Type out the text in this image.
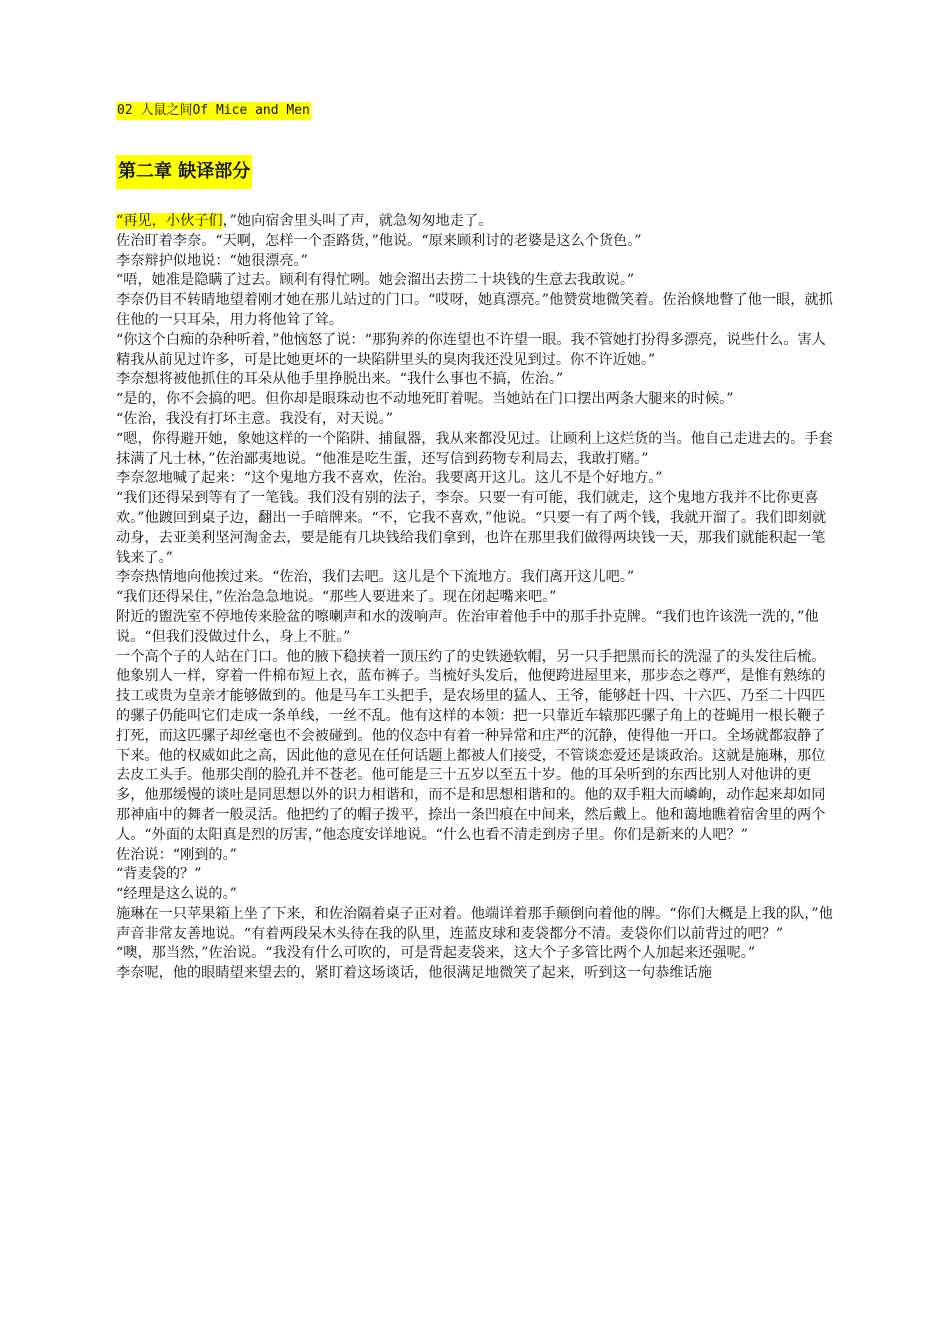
02 人鼠之间Of Mice and Men
第二章 缺译部分

“再见，小伙子们，”她向宿舍里头叫了声，就急匆匆地走了。

佐治盯着李奈。“天啊，怎样一个歪路货，”他说。“原来顾利讨的老婆是这么个货色。”

李奈辩护似地说：“她很漂亮。”

“唔，她准是隐瞒了过去。顾利有得忙咧。她会溜出去捞二十块钱的生意去我敢说。”

李奈仍目不转睛地望着刚才她在那儿站过的门口。“哎呀，她真漂亮。”他赞赏地微笑着。佐治倏地瞥了他一眼，就抓住他的一只耳朵，用力将他耸了耸。

“你这个白痴的杂种听着，”他恼怒了说：“那狗养的你连望也不许望一眼。我不管她打扮得多漂亮，说些什么。害人精我从前见过许多，可是比她更坏的一块陷阱里头的臭肉我还没见到过。你不许近她。”

李奈想将被他抓住的耳朵从他手里挣脱出来。“我什么事也不搞，佐治。”

“是的，你不会搞的吧。但你却是眼珠动也不动地死盯着呢。当她站在门口摆出两条大腿来的时候。”

“佐治，我没有打坏主意。我没有，对天说。”

“嗯，你得避开她，象她这样的一个陷阱、捕鼠器，我从来都没见过。让顾利上这烂货的当。他自己走进去的。手套抹满了凡士林，”佐治鄙夷地说。“他准是吃生蛋，还写信到药物专利局去，我敢打赌。”

李奈忽地喊了起来：“这个鬼地方我不喜欢，佐治。我要离开这儿。这儿不是个好地方。”

“我们还得呆到等有了一笔钱。我们没有别的法子，李奈。只要一有可能，我们就走，这个鬼地方我并不比你更喜欢。”他踱回到桌子边，翻出一手暗牌来。“不，它我不喜欢，”他说。“只要一有了两个钱，我就开溜了。我们即刻就动身，去亚美利坚河淘金去，要是能有几块钱给我们拿到，也许在那里我们做得两块钱一天，那我们就能积起一笔钱来了。”

李奈热情地向他挨过来。“佐治，我们去吧。这儿是个下流地方。我们离开这儿吧。”

“我们还得呆住，”佐治急急地说。“那些人要进来了。现在闭起嘴来吧。”

附近的盥洗室不停地传来脸盆的嚓喇声和水的泼响声。佐治审着他手中的那手扑克牌。“我们也许该洗一洗的，”他说。“但我们没做过什么，身上不脏。”

一个高个子的人站在门口。他的腋下稳挟着一顶压约了的史铁逊软帽，另一只手把黑而长的洗湿了的头发往后梳。他象别人一样，穿着一件棉布短上衣，蓝布裤子。当梳好头发后，他便跨进屋里来，那步态之尊严，是惟有熟练的技工或贵为皇亲才能够做到的。他是马车工头把手，是农场里的猛人、王爷，能够赶十四、十六匹、乃至二十四匹的骡子仍能叫它们走成一条单线，一丝不乱。他有这样的本领：把一只靠近车辕那匹骡子角上的苍蝇用一根长鞭子打死，而这匹骡子却丝毫也不会被碰到。他的仪态中有着一种异常和庄严的沉静，使得他一开口。全场就都寂静了下来。他的权威如此之高，因此他的意见在任何话题上都被人们接受，不管谈恋爱还是谈政治。这就是施琳，那位去皮工头手。他那尖削的脸孔并不苍老。他可能是三十五岁以至五十岁。他的耳朵听到的东西比别人对他讲的更多，他那缓慢的谈吐是同思想以外的识力相谐和，而不是和思想相谐和的。他的双手粗大而嶙峋，动作起来却如同那神庙中的舞者一般灵活。他把约了的帽子拨平，捺出一条凹痕在中间来，然后戴上。他和蔼地瞧着宿舍里的两个人。“外面的太阳真是烈的厉害，”他态度安详地说。“什么也看不清走到房子里。你们是新来的人吧？”

佐治说：“刚到的。”

“背麦袋的？”

“经理是这么说的。”

施琳在一只苹果箱上坐了下来，和佐治隔着桌子正对着。他端详着那手颠倒向着他的牌。“你们大概是上我的队，”他声音非常友善地说。“有着两段呆木头待在我的队里，连蓝皮球和麦袋都分不清。麦袋你们以前背过的吧？”

“噢，那当然，”佐治说。“我没有什么可吹的，可是背起麦袋来，这大个子多管比两个人加起来还强呢。”

李奈呢，他的眼睛望来望去的，紧盯着这场谈话，他很满足地微笑了起来，听到这一句恭维话施
